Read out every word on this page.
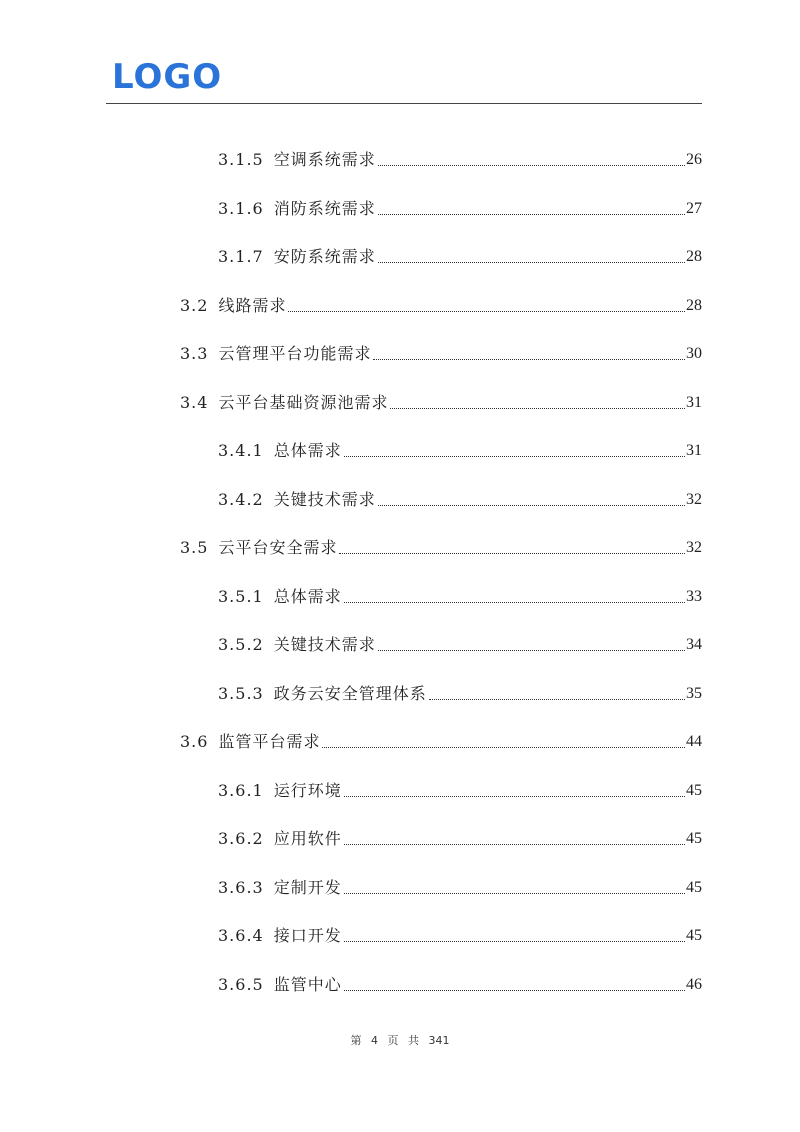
LOGO
3.1.5 空调系统需求	26
3.1.6 消防系统需求	27
3.1.7 安防系统需求	28
3.2 线路需求	28
3.3 云管理平台功能需求	30
3.4 云平台基础资源池需求	31
3.4.1 总体需求	31
3.4.2 关键技术需求	32
3.5 云平台安全需求	32
3.5.1 总体需求	33
3.5.2 关键技术需求	34
3.5.3 政务云安全管理体系	35
3.6 监管平台需求	44
3.6.1 运行环境	45
3.6.2 应用软件	45
3.6.3 定制开发	45
3.6.4 接口开发	45
3.6.5 监管中心	46
第 4 页 共 341
